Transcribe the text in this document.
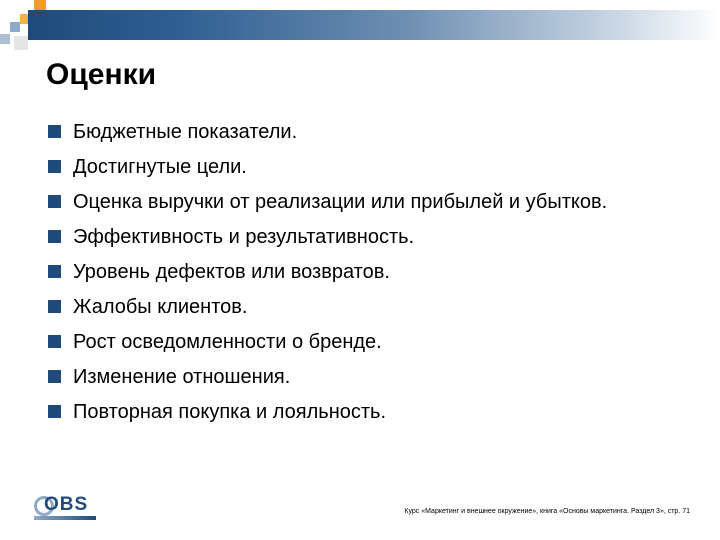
Оценки
Бюджетные показатели.
Достигнутые цели.
Оценка выручки от реализации или прибылей и убытков.
Эффективность и результативность.
Уровень дефектов или возвратов.
Жалобы клиентов.
Рост осведомленности о бренде.
Изменение отношения.
Повторная покупка и лояльность.
OBS	Курс «Маркетинг и внешнее окружение», книга «Основы маркетинга. Раздел 3», стр. 71
